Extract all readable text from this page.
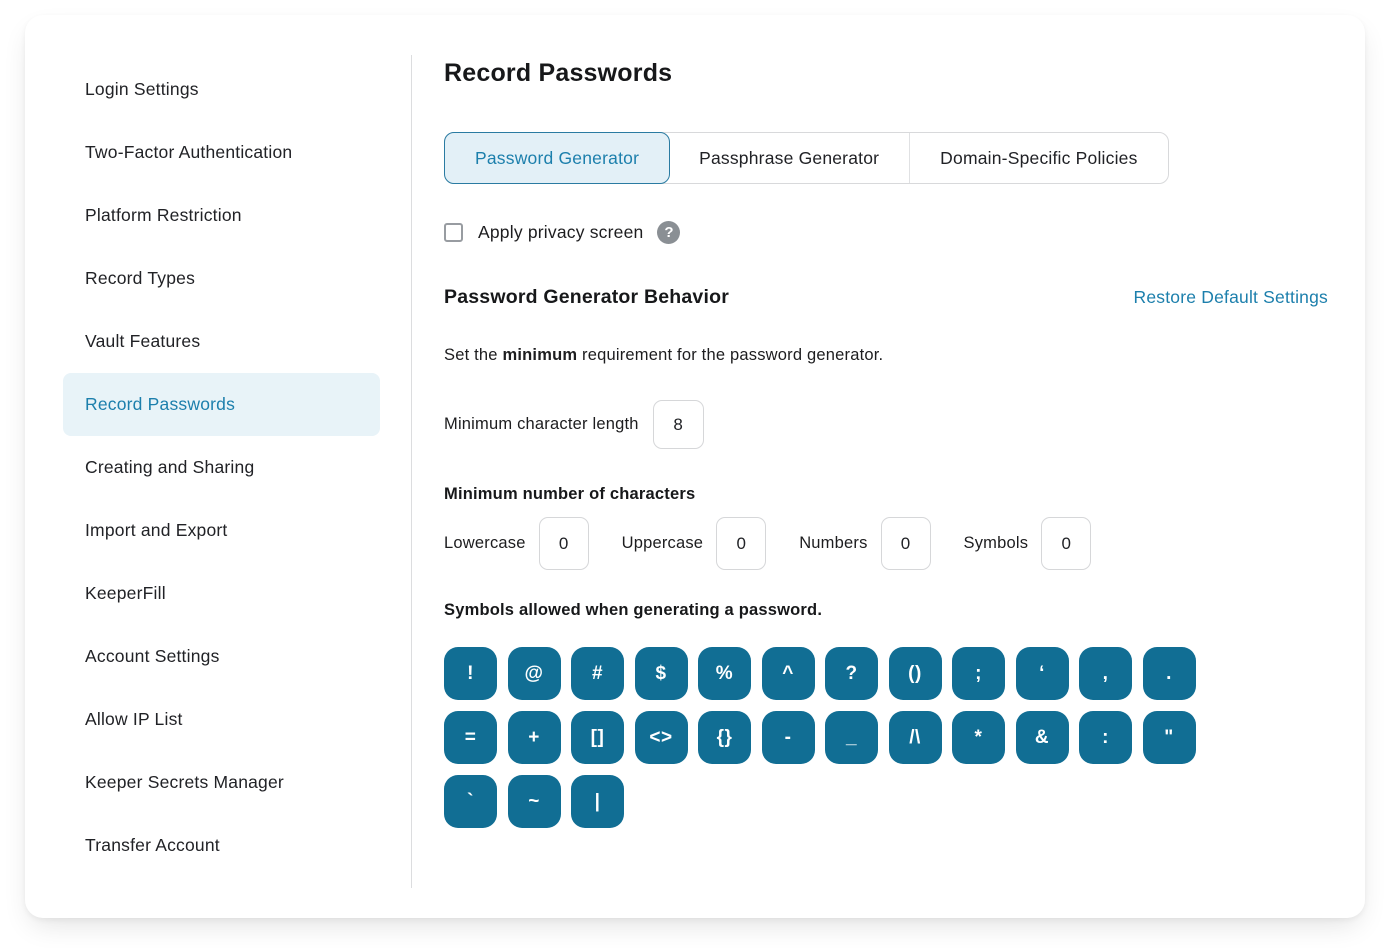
Login Settings
Two-Factor Authentication
Platform Restriction
Record Types
Vault Features
Record Passwords
Creating and Sharing
Import and Export
KeeperFill
Account Settings
Allow IP List
Keeper Secrets Manager
Transfer Account
Record Passwords
Password Generator	Passphrase Generator	Domain-Specific Policies
Apply privacy screen	?
Password Generator Behavior	Restore Default Settings

Set the minimum requirement for the password generator.

Minimum character length
8
Minimum number of characters
Lowercase
0	Uppercase
0	Numbers
0	Symbols
0
Symbols allowed when generating a password.
!	@	#	$	%	^	?	()	;	‘	,	.
=	+	[]	<>	{}	-	_	/\	*	&	:	"
`	~	|
